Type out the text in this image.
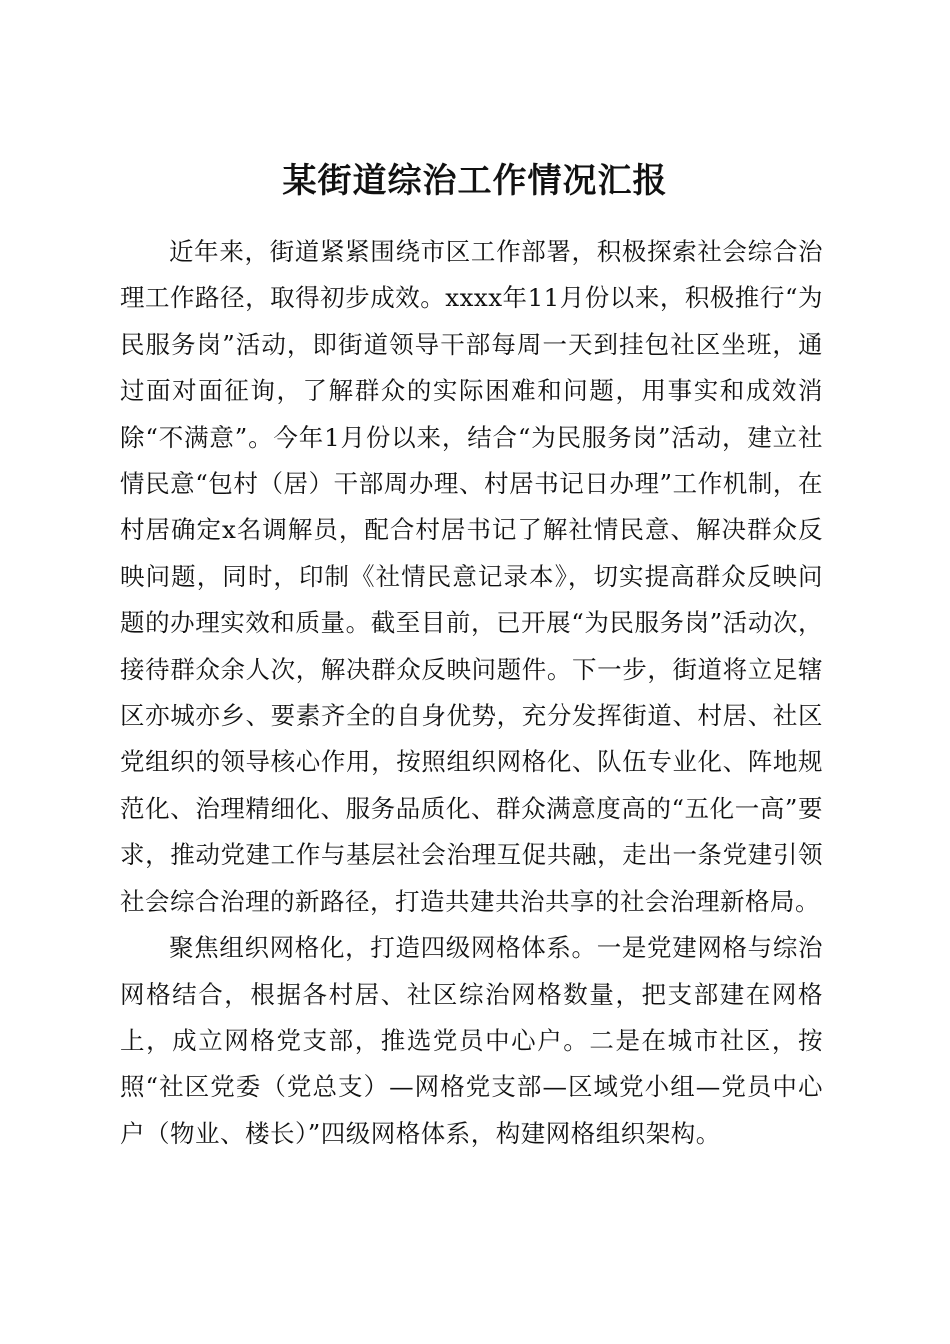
某街道综治工作情况汇报

近年来，街道紧紧围绕市区工作部署，积极探索社会综合治理工作路径，取得初步成效。xxxx年11月份以来，积极推行“为民服务岗”活动，即街道领导干部每周一天到挂包社区坐班，通过面对面征询，了解群众的实际困难和问题，用事实和成效消除“不满意”。今年1月份以来，结合“为民服务岗”活动，建立社情民意“包村（居）干部周办理、村居书记日办理”工作机制，在村居确定x名调解员，配合村居书记了解社情民意、解决群众反映问题，同时，印制《社情民意记录本》，切实提高群众反映问题的办理实效和质量。截至目前，已开展“为民服务岗”活动次，接待群众余人次，解决群众反映问题件。下一步，街道将立足辖区亦城亦乡、要素齐全的自身优势，充分发挥街道、村居、社区党组织的领导核心作用，按照组织网格化、队伍专业化、阵地规范化、治理精细化、服务品质化、群众满意度高的“五化一高”要求，推动党建工作与基层社会治理互促共融，走出一条党建引领社会综合治理的新路径，打造共建共治共享的社会治理新格局。

聚焦组织网格化，打造四级网格体系。一是党建网格与综治网格结合，根据各村居、社区综治网格数量，把支部建在网格上，成立网格党支部，推选党员中心户。二是在城市社区，按照“社区党委（党总支）—网格党支部—区域党小组—党员中心户（物业、楼长）”四级网格体系，构建网格组织架构。
